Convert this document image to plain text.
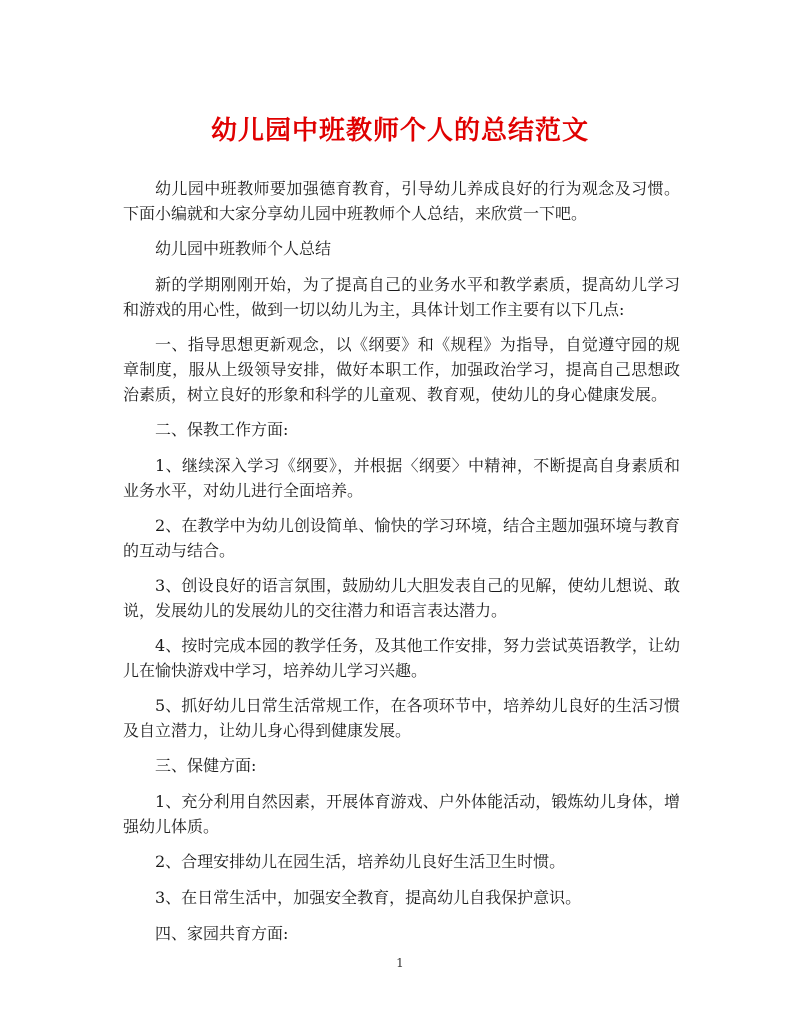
幼儿园中班教师个人的总结范文

幼儿园中班教师要加强德育教育，引导幼儿养成良好的行为观念及习惯。下面小编就和大家分享幼儿园中班教师个人总结，来欣赏一下吧。

幼儿园中班教师个人总结

新的学期刚刚开始，为了提高自己的业务水平和教学素质，提高幼儿学习和游戏的用心性，做到一切以幼儿为主，具体计划工作主要有以下几点:

一、指导思想更新观念，以《纲要》和《规程》为指导，自觉遵守园的规章制度，服从上级领导安排，做好本职工作，加强政治学习，提高自己思想政治素质，树立良好的形象和科学的儿童观、教育观，使幼儿的身心健康发展。

二、保教工作方面:

1、继续深入学习《纲要》，并根据〈纲要〉中精神，不断提高自身素质和业务水平，对幼儿进行全面培养。

2、在教学中为幼儿创设简单、愉快的学习环境，结合主题加强环境与教育的互动与结合。

3、创设良好的语言氛围，鼓励幼儿大胆发表自己的见解，使幼儿想说、敢说，发展幼儿的发展幼儿的交往潜力和语言表达潜力。

4、按时完成本园的教学任务，及其他工作安排，努力尝试英语教学，让幼儿在愉快游戏中学习，培养幼儿学习兴趣。

5、抓好幼儿日常生活常规工作，在各项环节中，培养幼儿良好的生活习惯及自立潜力，让幼儿身心得到健康发展。

三、保健方面:

1、充分利用自然因素，开展体育游戏、户外体能活动，锻炼幼儿身体，增强幼儿体质。

2、合理安排幼儿在园生活，培养幼儿良好生活卫生时惯。

3、在日常生活中，加强安全教育，提高幼儿自我保护意识。

四、家园共育方面:

1
